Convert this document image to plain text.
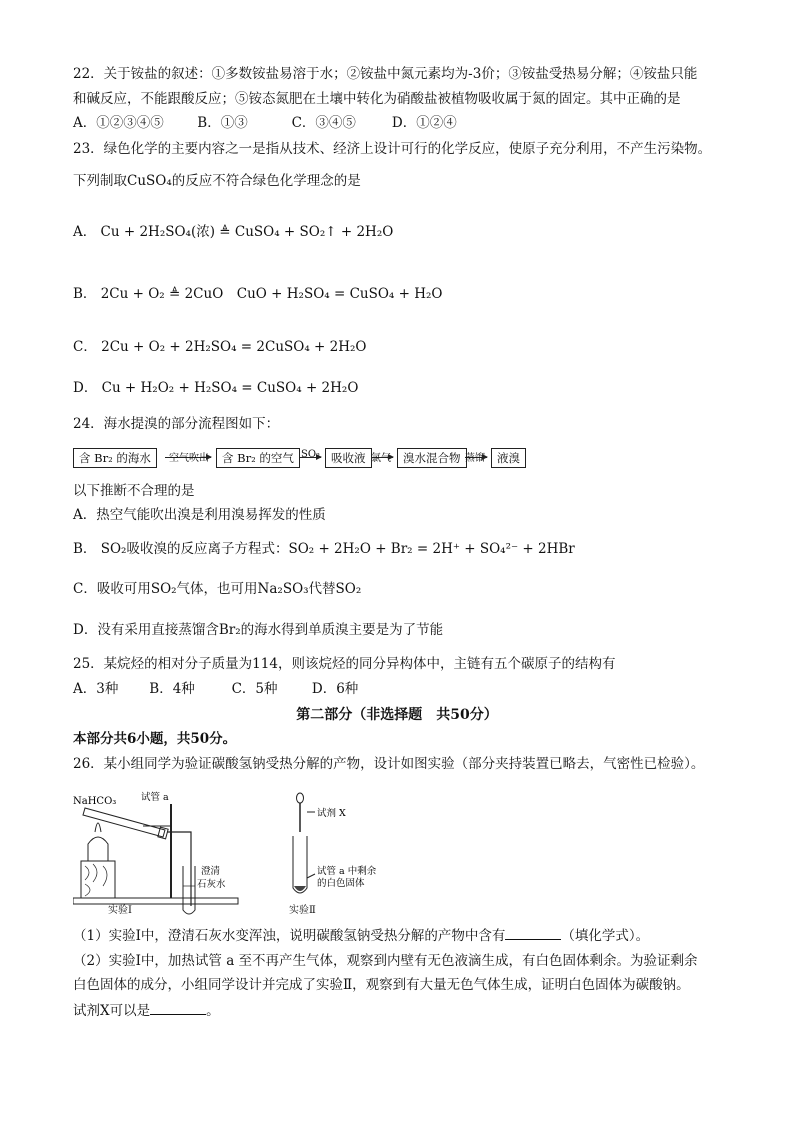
22．关于铵盐的叙述：①多数铵盐易溶于水；②铵盐中氮元素均为-3价；③铵盐受热易分解；④铵盐只能
和碱反应，不能跟酸反应；⑤铵态氮肥在土壤中转化为硝酸盐被植物吸收属于氮的固定。其中正确的是
A．①②③④⑤ B．①③	C．③④⑤	D．①②④
23．绿色化学的主要内容之一是指从技术、经济上设计可行的化学反应，使原子充分利用，不产生污染物。
下列制取CuSO₄的反应不符合绿色化学理念的是
A． Cu + 2H₂SO₄(浓) ≜ CuSO₄ + SO₂↑ + 2H₂O
B． 2Cu + O₂ ≜ 2CuO　CuO + H₂SO₄ = CuSO₄ + H₂O
C． 2Cu + O₂ + 2H₂SO₄ = 2CuSO₄ + 2H₂O
D． Cu + H₂O₂ + H₂SO₄ = CuSO₄ + 2H₂O
24．海水提溴的部分流程图如下：
含 Br₂ 的海水	空气吹出	含 Br₂ 的空气 SO₂ 吸收液 氯气	溴水混合物 蒸馏	液溴
以下推断不合理的是
A．热空气能吹出溴是利用溴易挥发的性质
B． SO₂吸收溴的反应离子方程式：SO₂ + 2H₂O + Br₂ = 2H⁺ + SO₄²⁻ + 2HBr
C．吸收可用SO₂气体，也可用Na₂SO₃代替SO₂
D．没有采用直接蒸馏含Br₂的海水得到单质溴主要是为了节能
25．某烷烃的相对分子质量为114，则该烷烃的同分异构体中，主链有五个碳原子的结构有
A．3种 B．4种	C．5种	D．6种
第二部分（非选择题　共50分）
本部分共6小题，共50分。
26．某小组同学为验证碳酸氢钠受热分解的产物，设计如图实验（部分夹持装置已略去，气密性已检验）。
NaHCO₃	试管 a
澄清
石灰水
实验Ⅰ
试剂 X
试管 a 中剩余
的白色固体
实验Ⅱ
（1）实验Ⅰ中，澄清石灰水变浑浊，说明碳酸氢钠受热分解的产物中含有	（填化学式）。
（2）实验Ⅰ中，加热试管 a 至不再产生气体，观察到内壁有无色液滴生成，有白色固体剩余。为验证剩余
白色固体的成分，小组同学设计并完成了实验Ⅱ，观察到有大量无色气体生成，证明白色固体为碳酸钠。
试剂X可以是	。
